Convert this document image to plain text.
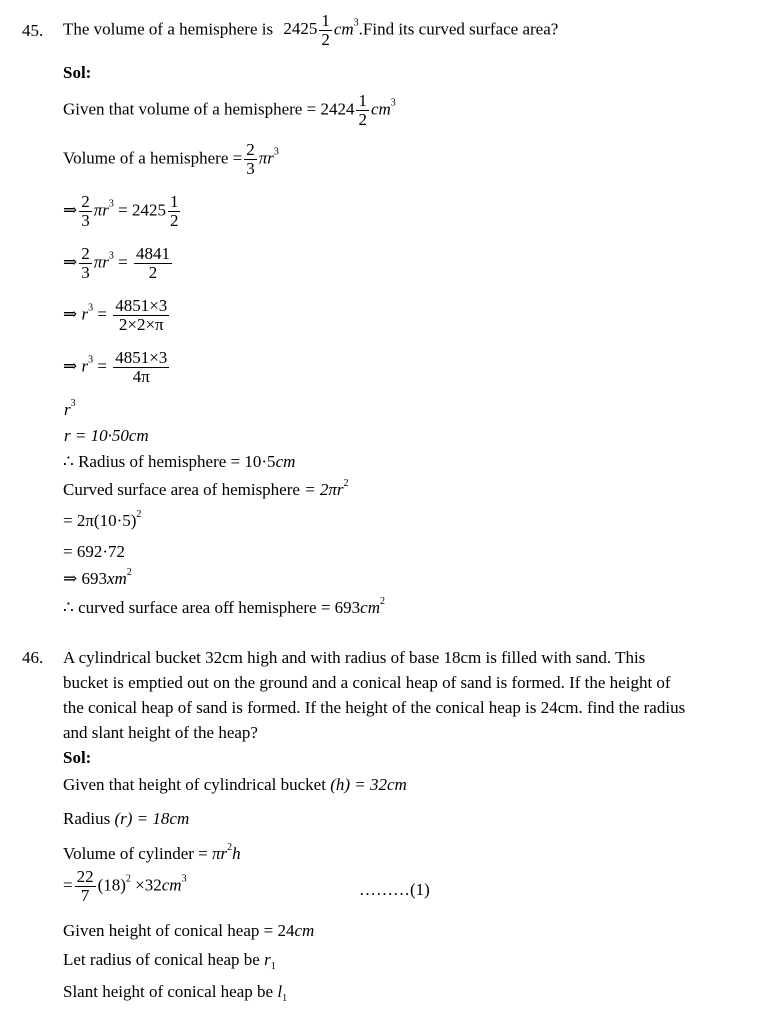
45. The volume of a hemisphere is $2425 \frac{1}{2}$ $cm^3.Find$ its curved surface area?
Sol:
Given that volume of a hemisphere = $2424 \frac{1}{2} cm^3$
Volume of a hemisphere = $\frac{2}{3} \pi r^3$
⇒ $\frac{2}{3} \pi r^3 = 2425 \frac{1}{2}$
⇒ $\frac{2}{3} \pi r^3 = \frac{4841}{2}$
⇒ $r^3 = \frac{4851\times 3}{2\times 2\times\pi}$
⇒ $r^3 = \frac{4851\times 3}{4\pi}$
$r^3$
r = 10·50cm
∴ Radius of hemisphere = 10·5cm
Curved surface area of hemisphere = $2\pi r^2$
= $2\pi(10\cdot 5)^2$
= 692·72
⇒ $693xm^2$
∴ curved surface area off hemisphere = $693cm^2$
46. A cylindrical bucket 32cm high and with radius of base 18cm is filled with sand. This
bucket is emptied out on the ground and a conical heap of sand is formed. If the height of
the conical heap of sand is formed. If the height of the conical heap is 24cm. find the radius
and slant height of the heap?
Sol:
Given that height of cylindrical bucket (h) = 32cm
Radius (r) = 18cm
Volume of cylinder = $\pi r^2h$
= $\frac{22}{7} (18)^2 \times 32cm^3$
………(1)
Given height of conical heap = 24cm
Let radius of conical heap be $r_1$
Slant height of conical heap be $l_1$
